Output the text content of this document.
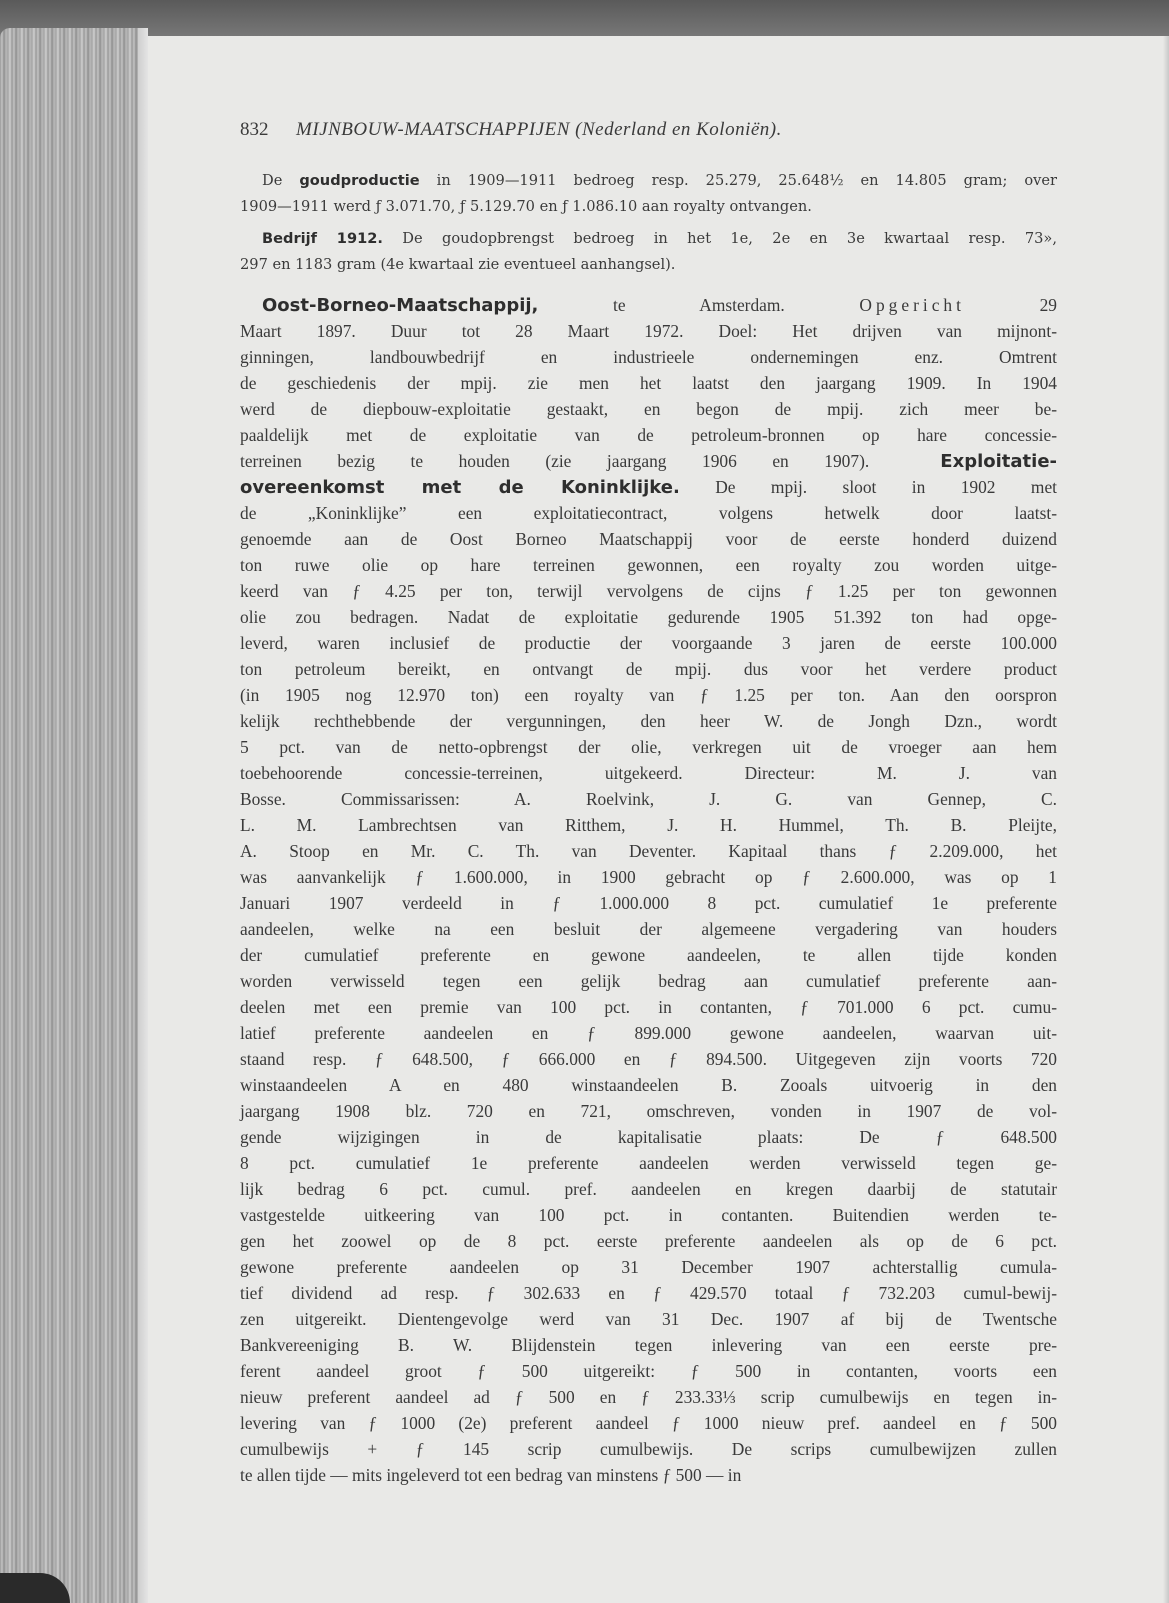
832 MIJNBOUW-MAATSCHAPPIJEN (Nederland en Koloniën).
De goudproductie in 1909—1911 bedroeg resp. 25.279, 25.648½ en 14.805 gram; over
1909—1911 werd ƒ 3.071.70, ƒ 5.129.70 en ƒ 1.086.10 aan royalty ontvangen.
Bedrijf 1912. De goudopbrengst bedroeg in het 1e, 2e en 3e kwartaal resp. 73»,
297 en 1183 gram (4e kwartaal zie eventueel aanhangsel).
Oost-Borneo-Maatschappij, te Amsterdam. Opgericht 29
Maart 1897. Duur tot 28 Maart 1972. Doel: Het drijven van mijnont-
ginningen, landbouwbedrijf en industrieele ondernemingen enz. Omtrent
de geschiedenis der mpij. zie men het laatst den jaargang 1909. In 1904
werd de diepbouw-exploitatie gestaakt, en begon de mpij. zich meer be-
paaldelijk met de exploitatie van de petroleum-bronnen op hare concessie-
terreinen bezig te houden (zie jaargang 1906 en 1907).	Exploitatie-
overeenkomst met de Koninklijke. De mpij. sloot in 1902 met
de „Koninklijke” een exploitatiecontract, volgens hetwelk door laatst-
genoemde aan de Oost Borneo Maatschappij voor de eerste honderd duizend
ton ruwe olie op hare terreinen gewonnen, een royalty zou worden uitge-
keerd van ƒ 4.25 per ton, terwijl vervolgens de cijns ƒ 1.25 per ton gewonnen
olie zou bedragen. Nadat de exploitatie gedurende 1905 51.392 ton had opge-
leverd, waren inclusief de productie der voorgaande 3 jaren de eerste 100.000
ton petroleum bereikt, en ontvangt de mpij. dus voor het verdere product
(in 1905 nog 12.970 ton) een royalty van ƒ 1.25 per ton. Aan den oorspron
kelijk rechthebbende der vergunningen, den heer W. de Jongh Dzn., wordt
5 pct. van de netto-opbrengst der olie, verkregen uit de vroeger aan hem
toebehoorende concessie-terreinen, uitgekeerd. Directeur: M. J. van
Bosse. Commissarissen: A. Roelvink, J. G. van Gennep, C.
L. M. Lambrechtsen van Ritthem, J. H. Hummel, Th. B. Pleijte,
A. Stoop en Mr. C. Th. van Deventer. Kapitaal thans ƒ 2.209.000, het
was aanvankelijk ƒ 1.600.000, in 1900 gebracht op ƒ 2.600.000, was op 1
Januari 1907 verdeeld in ƒ 1.000.000 8 pct. cumulatief 1e preferente
aandeelen, welke na een besluit der algemeene vergadering van houders
der cumulatief preferente en gewone aandeelen, te allen tijde konden
worden verwisseld tegen een gelijk bedrag aan cumulatief preferente aan-
deelen met een premie van 100 pct. in contanten, ƒ 701.000 6 pct. cumu-
latief preferente aandeelen en ƒ 899.000 gewone aandeelen, waarvan uit-
staand resp. ƒ 648.500, ƒ 666.000 en ƒ 894.500. Uitgegeven zijn voorts 720
winstaandeelen A en 480 winstaandeelen B. Zooals uitvoerig in den
jaargang 1908 blz. 720 en 721, omschreven, vonden in 1907 de vol-
gende wijzigingen in de kapitalisatie plaats: De ƒ 648.500
8 pct. cumulatief 1e preferente aandeelen werden verwisseld tegen ge-
lijk bedrag 6 pct. cumul. pref. aandeelen en kregen daarbij de statutair
vastgestelde uitkeering van 100 pct. in contanten. Buitendien werden te-
gen het zoowel op de 8 pct. eerste preferente aandeelen als op de 6 pct.
gewone preferente aandeelen op 31 December 1907 achterstallig cumula-
tief dividend ad resp. ƒ 302.633 en ƒ 429.570 totaal ƒ 732.203 cumul-bewij-
zen uitgereikt. Dientengevolge werd van 31 Dec. 1907 af bij de Twentsche
Bankvereeniging B. W. Blijdenstein tegen inlevering van een eerste pre-
ferent aandeel groot ƒ 500 uitgereikt: ƒ 500 in contanten, voorts een
nieuw preferent aandeel ad ƒ 500 en ƒ 233.33⅓ scrip cumulbewijs en tegen in-
levering van ƒ 1000 (2e) preferent aandeel ƒ 1000 nieuw pref. aandeel en ƒ 500
cumulbewijs + ƒ 145 scrip cumulbewijs. De scrips cumulbewijzen zullen
te allen tijde — mits ingeleverd tot een bedrag van minstens ƒ 500 — in
